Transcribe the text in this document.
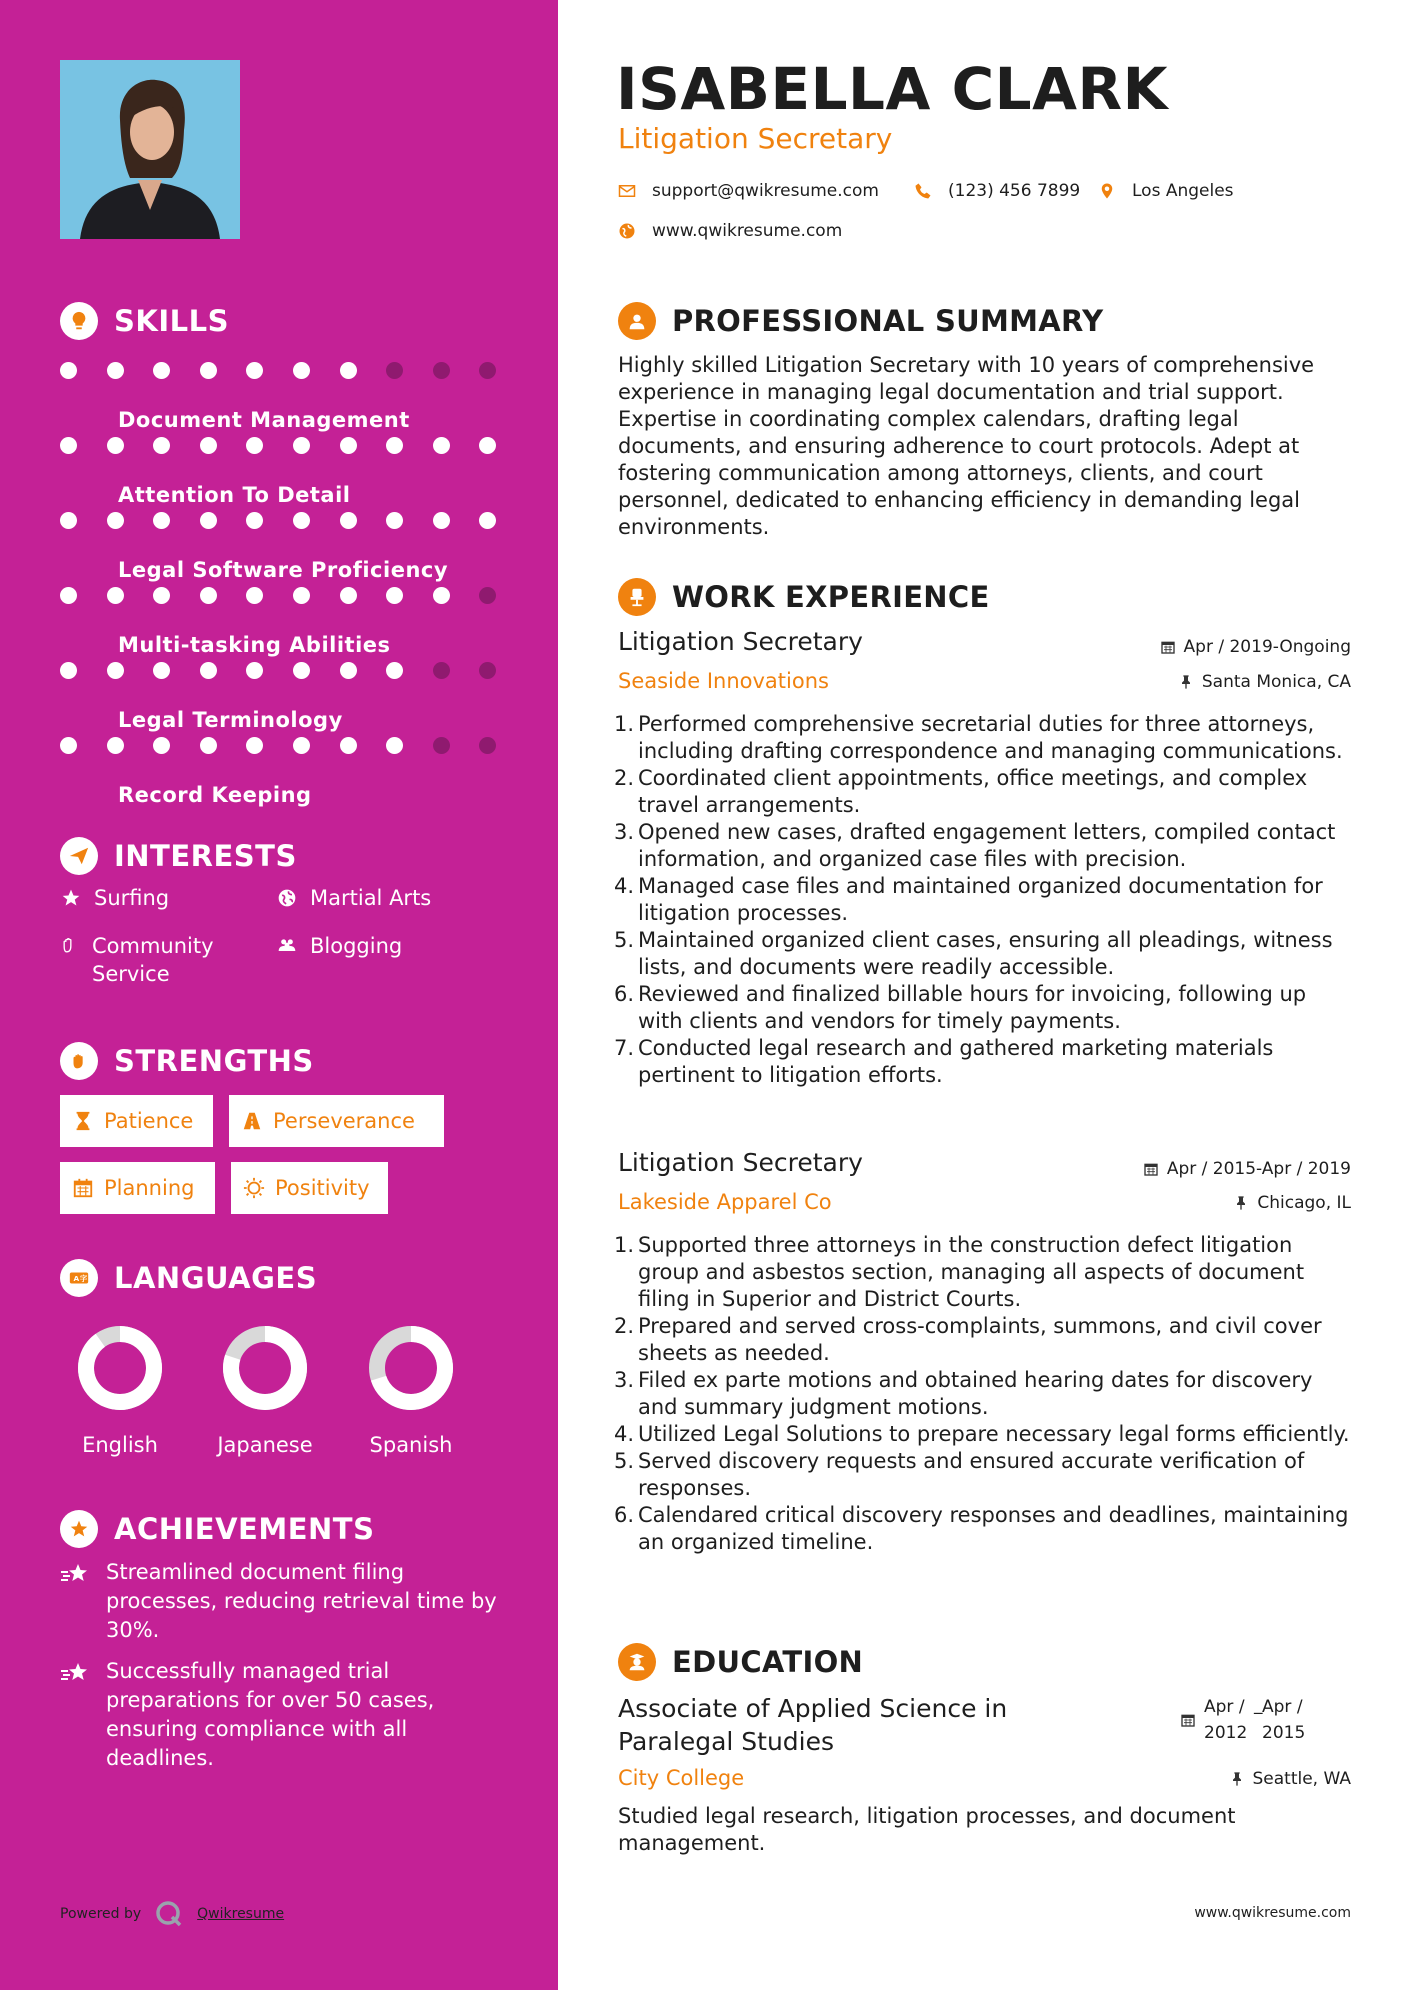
SKILLS
Document Management
Attention To Detail
Legal Software Proficiency
Multi-tasking Abilities
Legal Terminology
Record Keeping
INTERESTS
Surfing	Martial Arts
Community Service
Blogging
STRENGTHS
Patience	Perseverance
Planning	Positivity
A 字 LANGUAGES
English	Japanese	Spanish
ACHIEVEMENTS
Streamlined document filing processes, reducing retrieval time by 30%.
Successfully managed trial preparations for over 50 cases, ensuring compliance with all deadlines.
Powered by	Qwikresume
ISABELLA CLARK
Litigation Secretary
support@qwikresume.com	(123) 456 7899	Los Angeles
www.qwikresume.com
PROFESSIONAL SUMMARY
Highly skilled Litigation Secretary with 10 years of comprehensive experience in managing legal documentation and trial support. Expertise in coordinating complex calendars, drafting legal documents, and ensuring adherence to court protocols. Adept at fostering communication among attorneys, clients, and court personnel, dedicated to enhancing efficiency in demanding legal environments.
WORK EXPERIENCE
Litigation Secretary	Apr / 2019-Ongoing
Seaside Innovations	Santa Monica, CA
1. Performed comprehensive secretarial duties for three attorneys, including drafting correspondence and managing communications.
2. Coordinated client appointments, office meetings, and complex travel arrangements.
3. Opened new cases, drafted engagement letters, compiled contact information, and organized case files with precision.
4. Managed case files and maintained organized documentation for litigation processes.
5. Maintained organized client cases, ensuring all pleadings, witness lists, and documents were readily accessible.
6. Reviewed and finalized billable hours for invoicing, following up with clients and vendors for timely payments.
7. Conducted legal research and gathered marketing materials pertinent to litigation efforts.
Litigation Secretary	Apr / 2015-Apr / 2019
Lakeside Apparel Co	Chicago, IL
1. Supported three attorneys in the construction defect litigation group and asbestos section, managing all aspects of document filing in Superior and District Courts.
2. Prepared and served cross-complaints, summons, and civil cover sheets as needed.
3. Filed ex parte motions and obtained hearing dates for discovery and summary judgment motions.
4. Utilized Legal Solutions to prepare necessary legal forms efficiently.
5. Served discovery requests and ensured accurate verification of responses.
6. Calendared critical discovery responses and deadlines, maintaining an organized timeline.
EDUCATION
Associate of Applied Science in
Paralegal Studies
Apr /
2012
_ Apr /
2015
City College	Seattle, WA
Studied legal research, litigation processes, and document management.
www.qwikresume.com
